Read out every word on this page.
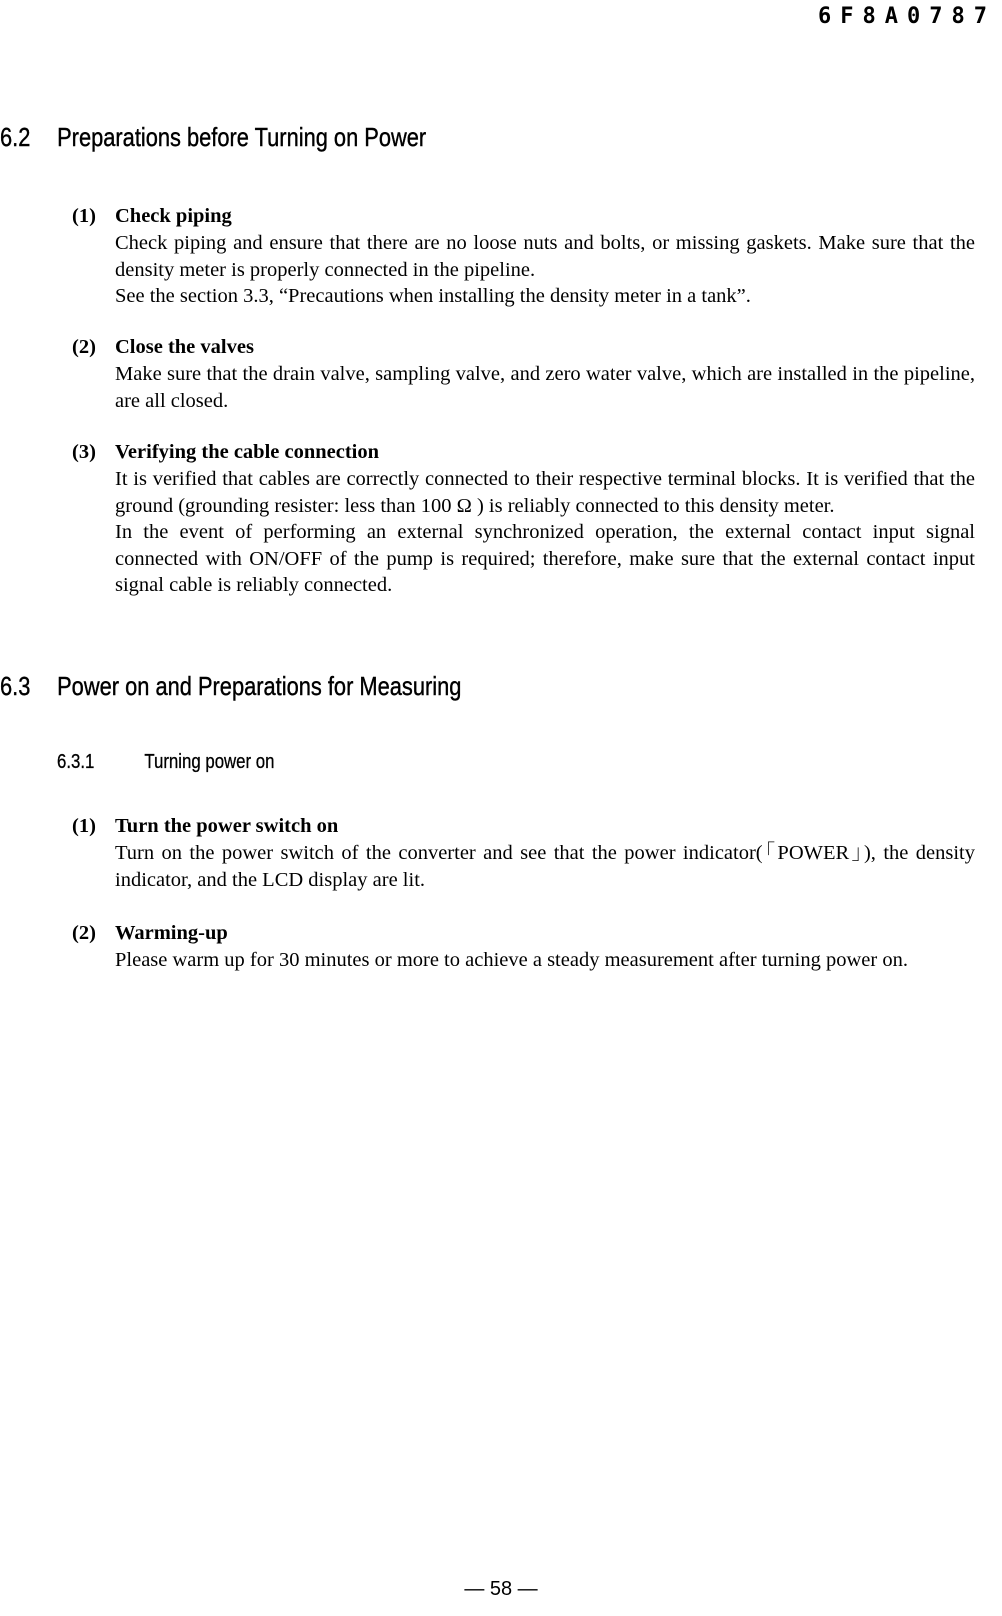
6F8A0787

6.2 Preparations before Turning on Power
(1) Check piping

Check piping and ensure that there are no loose nuts and bolts, or missing gaskets. Make sure that the density meter is properly connected in the pipeline.

See the section 3.3, “Precautions when installing the density meter in a tank”.

(2) Close the valves

Make sure that the drain valve, sampling valve, and zero water valve, which are installed in the pipeline, are all closed.

(3) Verifying the cable connection

It is verified that cables are correctly connected to their respective terminal blocks. It is verified that the ground (grounding resister: less than 100 Ω ) is reliably connected to this density meter.

In the event of performing an external synchronized operation, the external contact input signal connected with ON/OFF of the pump is required; therefore, make sure that the external contact input signal cable is reliably connected.

6.3 Power on and Preparations for Measuring
6.3.1 Turning power on
(1) Turn the power switch on

Turn on the power switch of the converter and see that the power indicator(「POWER」), the density indicator, and the LCD display are lit.

(2) Warming-up

Please warm up for 30 minutes or more to achieve a steady measurement after turning power on.

— 58 —
